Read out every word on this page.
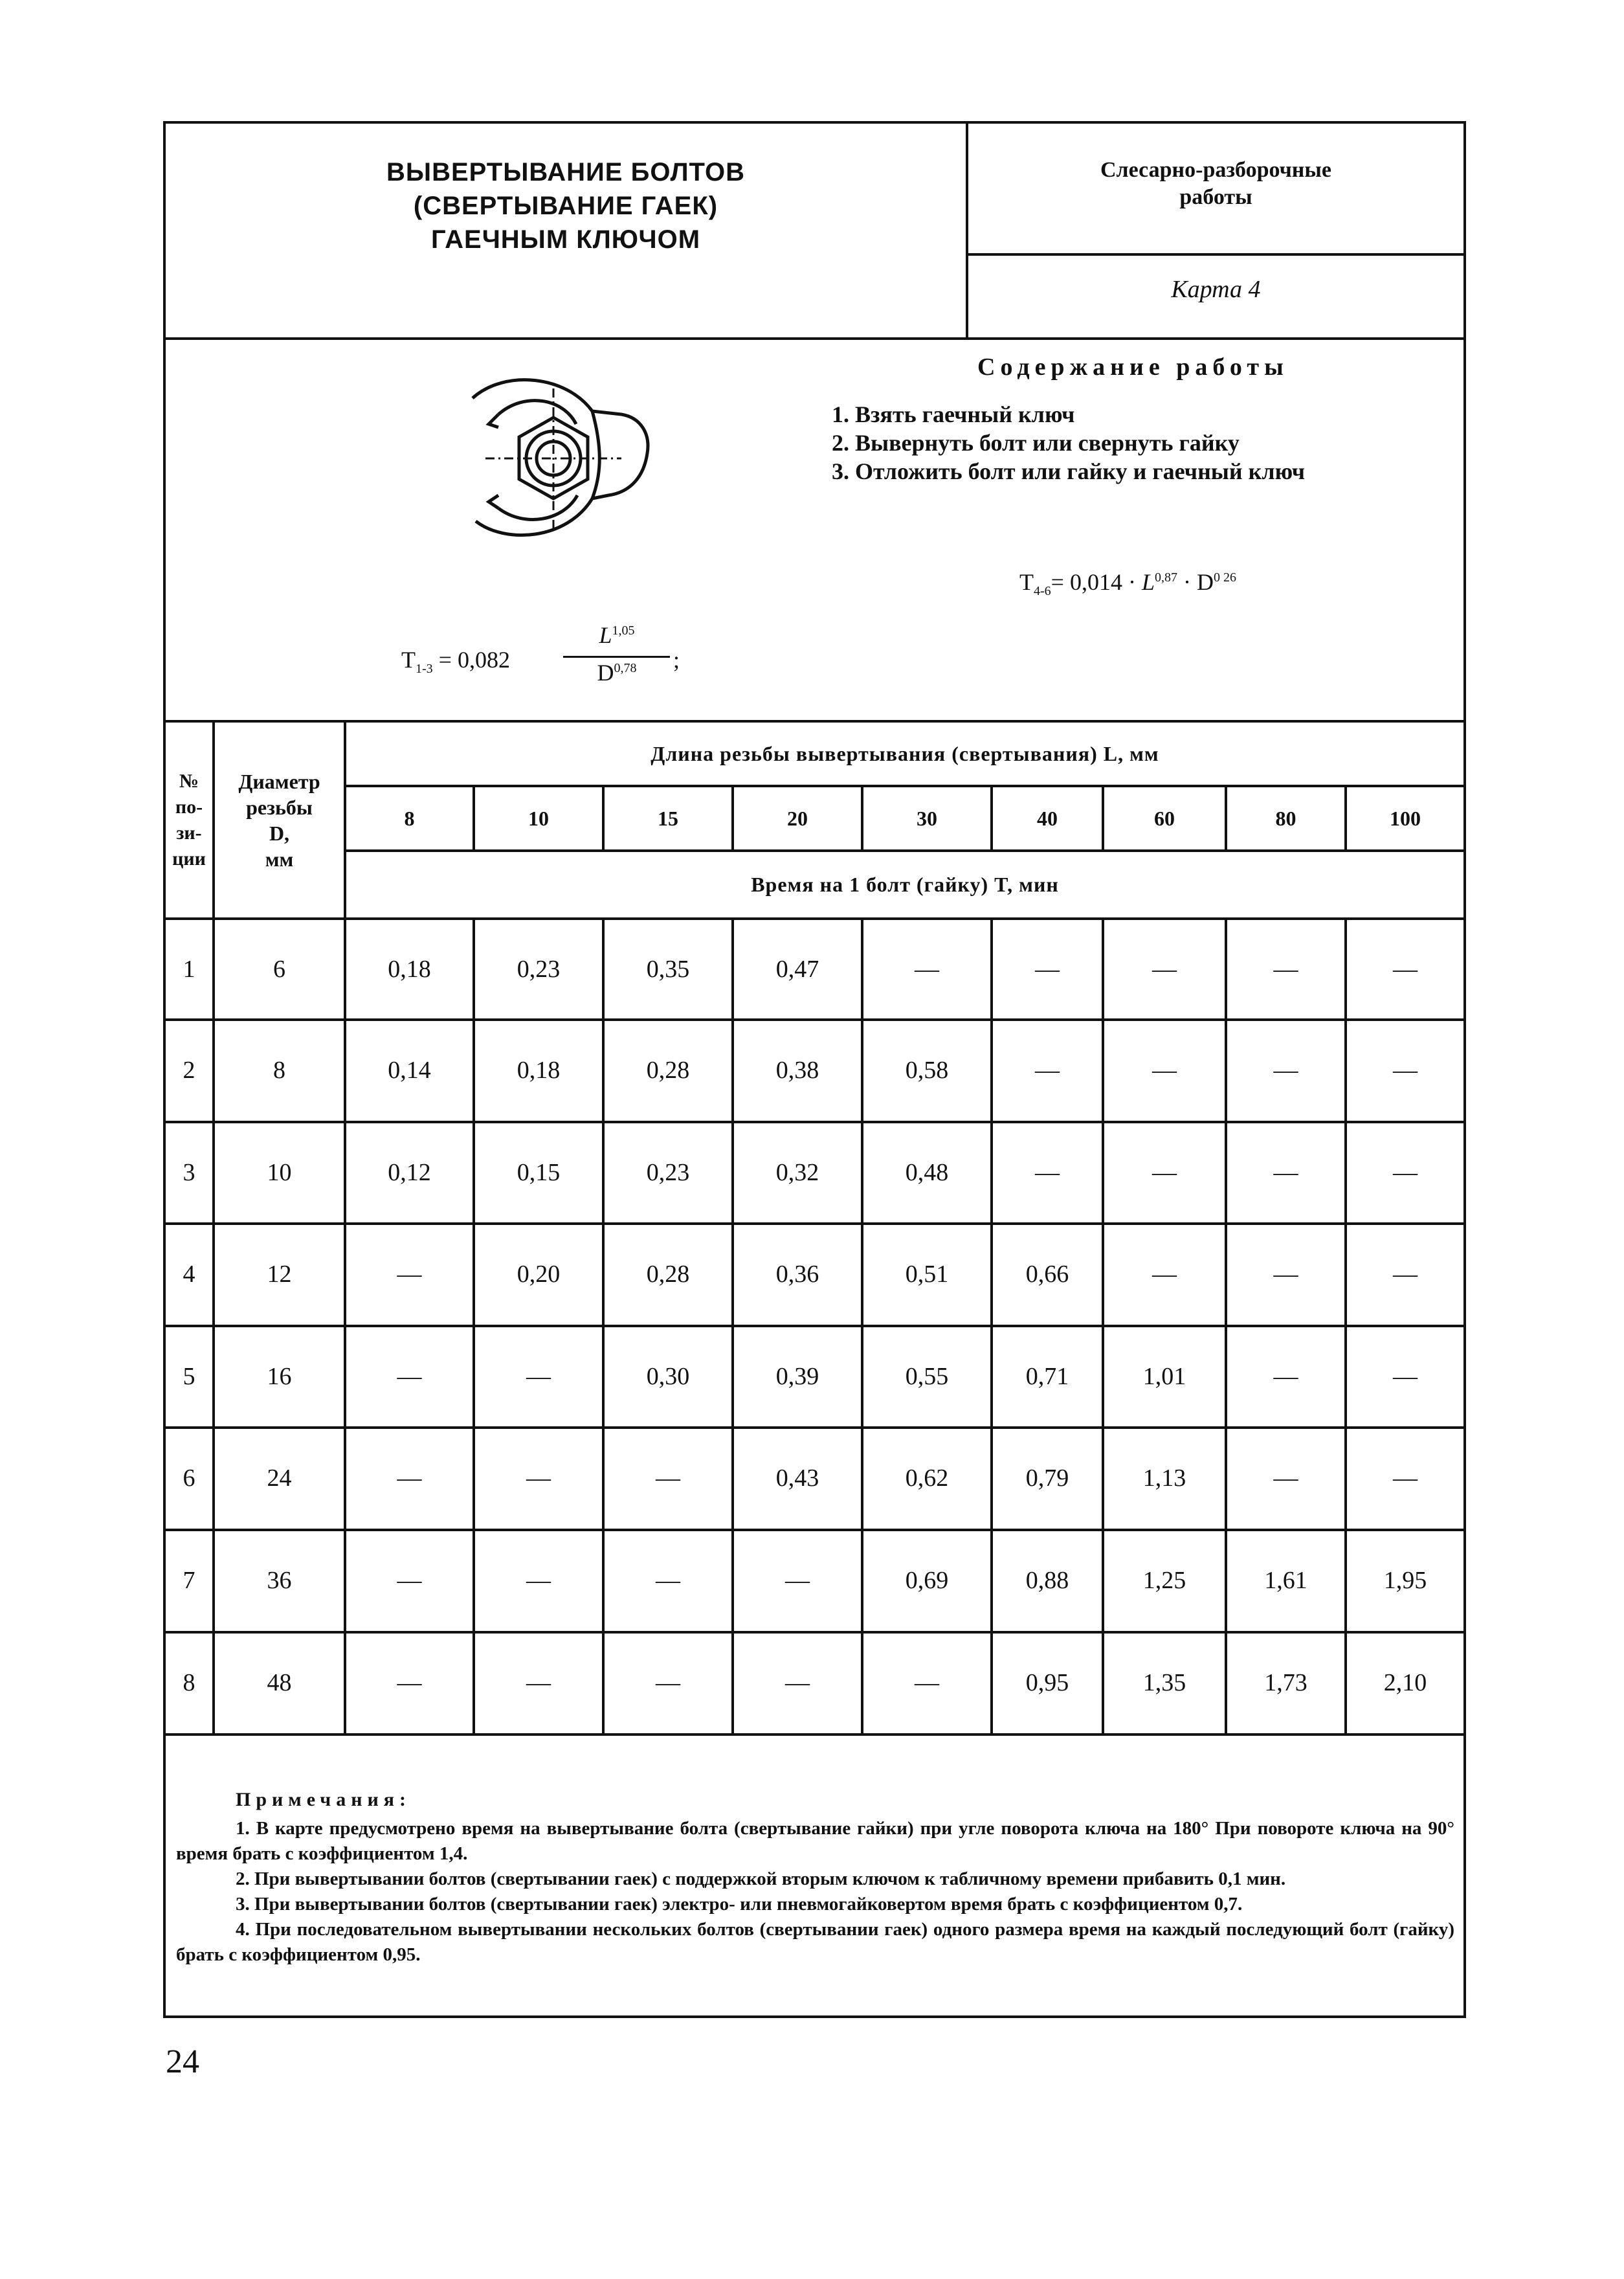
ВЫВЕРТЫВАНИЕ БОЛТОВ
(СВЕРТЫВАНИЕ ГАЕК)
ГАЕЧНЫМ КЛЮЧОМ
Слесарно-разборочные
работы
Карта 4
Содержание работы
1. Взять гаечный ключ
2. Вывернуть болт или свернуть гайку
3. Отложить болт или гайку и гаечный ключ
$T_{4-6}= 0,014 \cdot L^{0,87} \cdot D^{0 26}$
$T_{1-3} = 0,082$
L$^{1,05}$
D$^{0,78}$	;
№
по-
зи-
ции
Диаметр
резьбы
D,
мм
Длина резьбы вывертывания (свертывания) L, мм
Время на 1 болт (гайку) T, мин
8	10	15	20	30	40	60	80	100
1	6	0,18	0,23	0,35	0,47	—	—	—	—	—
2	8	0,14	0,18	0,28	0,38	0,58	—	—	—	—
3	10	0,12	0,15	0,23	0,32	0,48	—	—	—	—
4	12	—	0,20	0,28	0,36	0,51	0,66	—	—	—
5	16	—	—	0,30	0,39	0,55	0,71	1,01	—	—
6	24	—	—	—	0,43	0,62	0,79	1,13	—	—
7	36	—	—	—	—	0,69	0,88	1,25	1,61	1,95
8	48	—	—	—	—	—	0,95	1,35	1,73	2,10

Примечания:

1. В карте предусмотрено время на вывертывание болта (свертывание гайки) при угле поворота ключа на 180° При повороте ключа на 90° время брать с коэффициентом 1,4.

2. При вывертывании болтов (свертывании гаек) с поддержкой вторым ключом к табличному времени прибавить 0,1 мин.

3. При вывертывании болтов (свертывании гаек) электро- или пневмогайковертом время брать с коэффициентом 0,7.

4. При последовательном вывертывании нескольких болтов (свертывании гаек) одного размера время на каждый последующий болт (гайку) брать с коэффициентом 0,95.

24
